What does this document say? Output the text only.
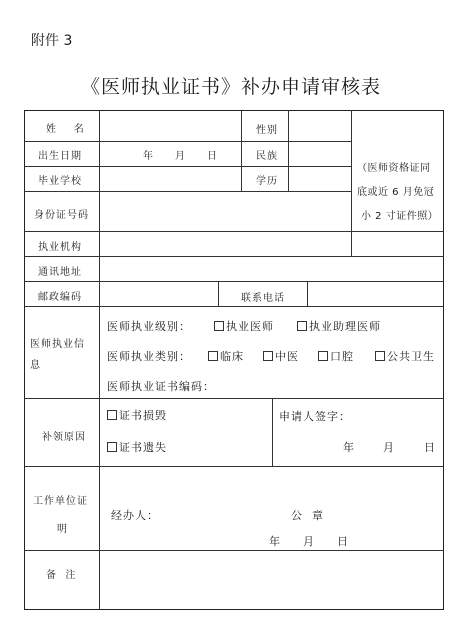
附件 3
《医师执业证书》补办申请审核表
姓    名	性别
出生日期	年 月 日	民族
毕业学校	学历
（医师资格证同
底或近 6 月免冠
小 2 寸证件照）
身份证号码
执业机构
通讯地址
邮政编码	联系电话
医师执业信
息
医师执业级别：	执业医师	执业助理医师
医师执业类别：	临床	中医	口腔	公共卫生
医师执业证书编码：
补领原因
证书损毁
证书遗失
申请人签字：
年	月	日
工作单位证
明
经办人：	公  章
年 月 日
备  注
